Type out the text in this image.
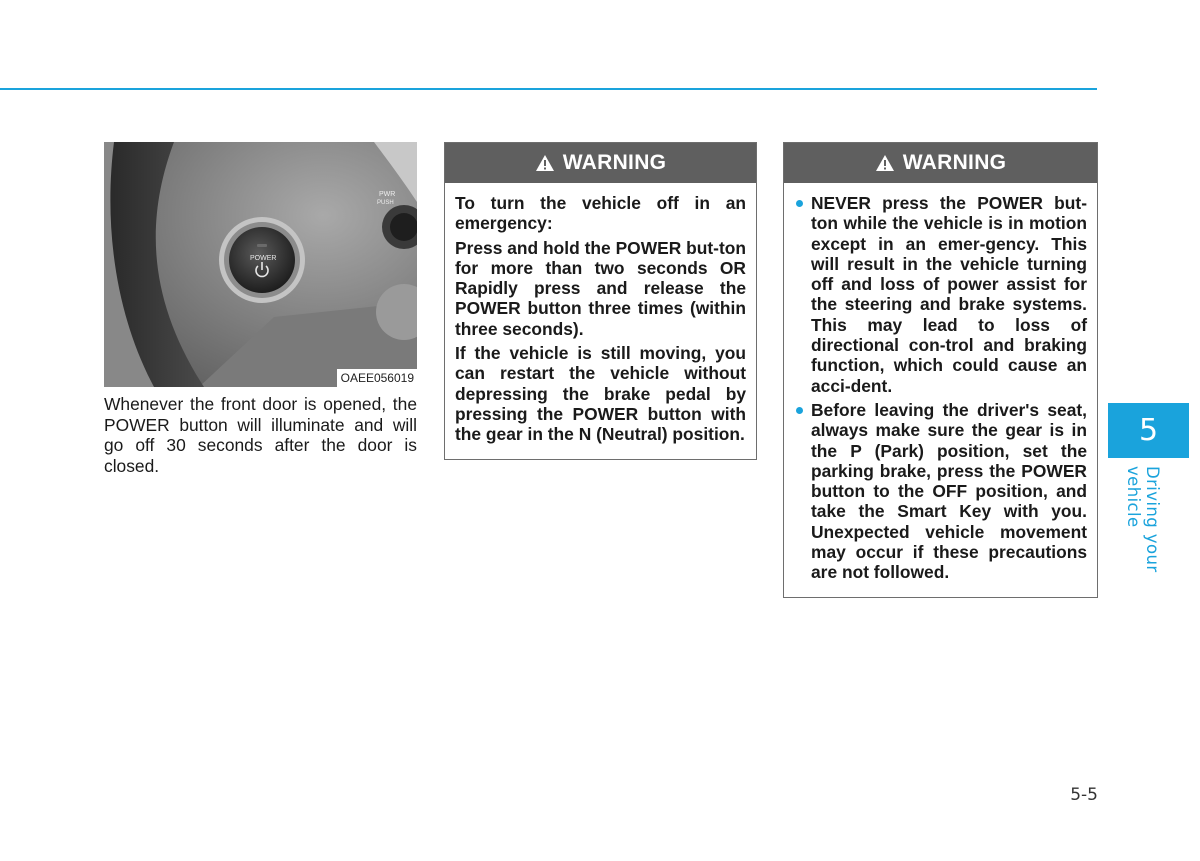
PWR
PUSH
POWER
OAEE056019
Whenever the front door is opened, the POWER button will illuminate and will go off 30 seconds after the door is closed.
WARNING

To turn the vehicle off in an emergency:

Press and hold the POWER but-ton for more than two seconds OR Rapidly press and release the POWER button three times (within three seconds).

If the vehicle is still moving, you can restart the vehicle without depressing the brake pedal by pressing the POWER button with the gear in the N (Neutral) position.

WARNING
NEVER press the POWER but-ton while the vehicle is in motion except in an emer-gency. This will result in the vehicle turning off and loss of power assist for the steering and brake systems. This may lead to loss of directional con-trol and braking function, which could cause an acci-dent.
Before leaving the driver's seat, always make sure the gear is in the P (Park) position, set the parking brake, press the POWER button to the OFF position, and take the Smart Key with you. Unexpected vehicle movement may occur if these precautions are not followed.
5
Driving your vehicle
5-5
